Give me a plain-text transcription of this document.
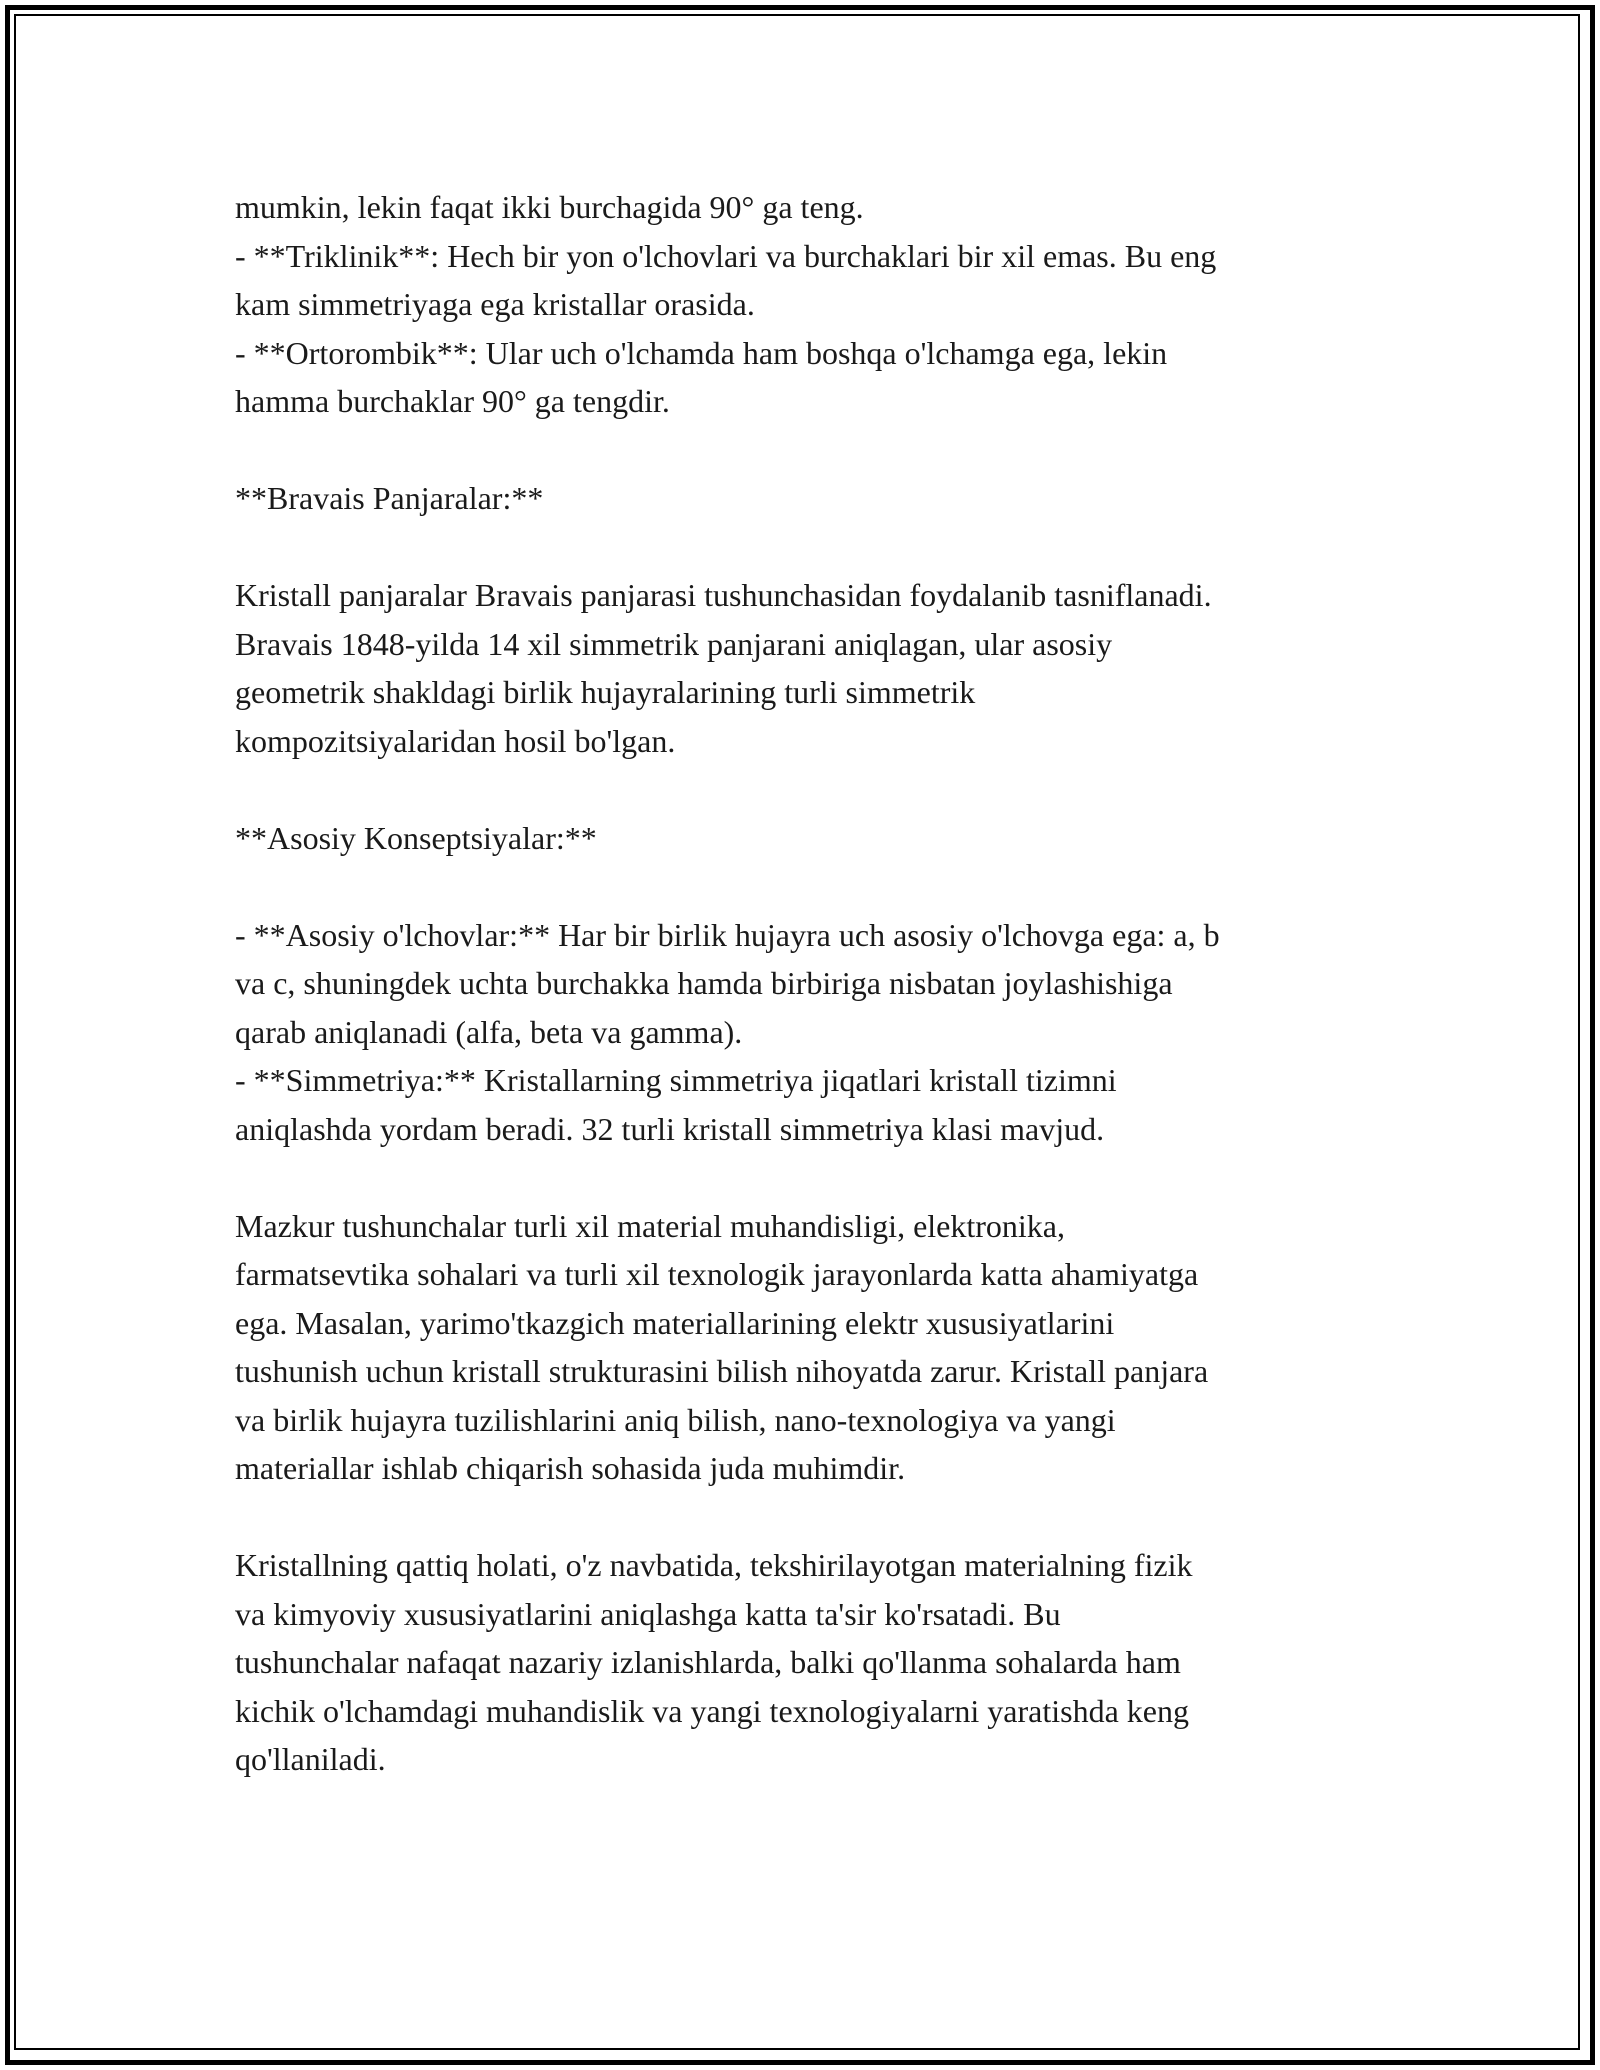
mumkin, lekin faqat ikki burchagida 90° ga teng.
- **Triklinik**: Hech bir yon o'lchovlari va burchaklari bir xil emas. Bu eng
kam simmetriyaga ega kristallar orasida.
- **Ortorombik**: Ular uch o'lchamda ham boshqa o'lchamga ega, lekin
hamma burchaklar 90° ga tengdir.
**Bravais Panjaralar:**
Kristall panjaralar Bravais panjarasi tushunchasidan foydalanib tasniflanadi.
Bravais 1848-yilda 14 xil simmetrik panjarani aniqlagan, ular asosiy
geometrik shakldagi birlik hujayralarining turli simmetrik
kompozitsiyalaridan hosil bo'lgan.
**Asosiy Konseptsiyalar:**
- **Asosiy o'lchovlar:** Har bir birlik hujayra uch asosiy o'lchovga ega: a, b
va c, shuningdek uchta burchakka hamda birbiriga nisbatan joylashishiga
qarab aniqlanadi (alfa, beta va gamma).
- **Simmetriya:** Kristallarning simmetriya jiqatlari kristall tizimni
aniqlashda yordam beradi. 32 turli kristall simmetriya klasi mavjud.
Mazkur tushunchalar turli xil material muhandisligi, elektronika,
farmatsevtika sohalari va turli xil texnologik jarayonlarda katta ahamiyatga
ega. Masalan, yarimo'tkazgich materiallarining elektr xususiyatlarini
tushunish uchun kristall strukturasini bilish nihoyatda zarur. Kristall panjara
va birlik hujayra tuzilishlarini aniq bilish, nano-texnologiya va yangi
materiallar ishlab chiqarish sohasida juda muhimdir.
Kristallning qattiq holati, o'z navbatida, tekshirilayotgan materialning fizik
va kimyoviy xususiyatlarini aniqlashga katta ta'sir ko'rsatadi. Bu
tushunchalar nafaqat nazariy izlanishlarda, balki qo'llanma sohalarda ham
kichik o'lchamdagi muhandislik va yangi texnologiyalarni yaratishda keng
qo'llaniladi.
